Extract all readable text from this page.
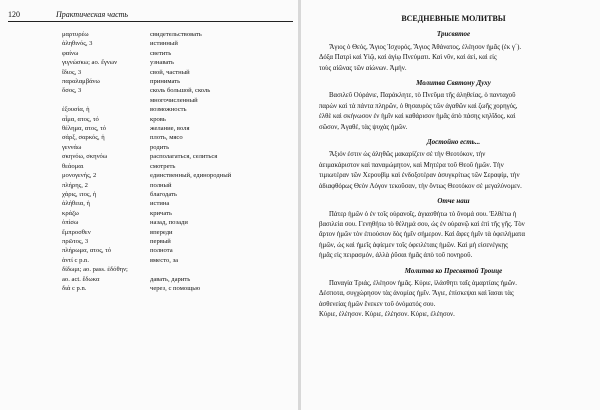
120	Практическая часть
μαρτυρέω	свидетельствовать
ἀληθινός, 3	истинный
φαίνω	светить
γιγνώσκω; ao. ἔγνων	узнавать
ἴδιος, 3	свой, частный
παραλαμβάνω	принимать
ὅσος, 3	сколь большой, сколь
многочисленный
ἐξουσία, ἡ	возможность
αἷμα, ατος, τό	кровь
θέλημα, ατος, τό	желание, воля
σάρξ, σαρκός, ἡ	плоть, мясо
γεννάω	родить
σκηνόω, σκηνόω	располагаться, селиться
θεάομαι	смотреть
μονογενής, 2	единственный, единородный
πλήρης, 2	полный
χάρις, ιτος, ἡ	благодать
ἀλήθεια, ἡ	истина
κράζω	кричать
ὀπίσω	назад, позади
ἔμπροσθεν	впереди
πρῶτος, 3	первый
πλήρωμα, ατος, τό	полнота
ἀντί c p.n.	вместо, за
δίδωμι; ao. pass. ἐδόθην;
ao. act. ἔδωκα	давать, дарить
διά c p.n.	через, с помощью
ВСЕДНЕВНЫЕ МОЛИТВЫ
Трисвятое
Ἅγιος ὁ Θεός, Ἅγιος Ἰσχυρός, Ἅγιος Ἀθάνατος, ἐλέησον ἡμᾶς (ἐκ γ΄).
Δόξα Πατρὶ καὶ Υἱῷ, καὶ ἁγίῳ Πνεύματι. Καὶ νῦν, καὶ ἀεί, καὶ εἰς
τοὺς αἰῶνας τῶν αἰώνων. Ἀμήν.
Молитва Святому Духу
Βασιλεῦ Οὐράνιε, Παράκλητε, τὸ Πνεῦμα τῆς ἀληθείας, ὁ πανταχοῦ
παρὼν καὶ τὰ πάντα πληρῶν, ὁ θησαυρὸς τῶν ἀγαθῶν καὶ ζωῆς χορηγός,
ἐλθὲ καὶ σκήνωσον ἐν ἡμῖν καὶ καθάρισον ἡμᾶς ἀπὸ πάσης κηλῖδος, καὶ
σῶσον, Ἀγαθέ, τὰς ψυχὰς ἡμῶν.
Достойно есть...
Ἄξιόν ἐστιν ὡς ἀληθῶς μακαρίζειν σὲ τὴν Θεοτόκον, τὴν
ἀειμακάριστον καὶ παναμώμητον, καὶ Μητέρα τοῦ Θεοῦ ἡμῶν. Τὴν
τιμιωτέραν τῶν Χερουβὶμ καὶ ἐνδοξοτέραν ἀσυγκρίτως τῶν Σεραφίμ, τὴν
ἀδιαφθόρως Θεὸν Λόγον τεκοῦσαν, τὴν ὄντως Θεοτόκον σὲ μεγαλύνομεν.
Отче наш
Πάτερ ἡμῶν ὁ ἐν τοῖς οὐρανοῖς, ἁγιασθήτω τὸ ὄνομά σου. Ἐλθέτω ἡ
βασιλεία σου. Γενηθήτω τὸ θέλημά σου, ὡς ἐν οὐρανῷ καὶ ἐπὶ τῆς γῆς. Τὸν
ἄρτον ἡμῶν τὸν ἐπιούσιον δὸς ἡμῖν σήμερον. Καὶ ἄφες ἡμῖν τὰ ὀφειλήματα
ἡμῶν, ὡς καὶ ἡμεῖς ἀφίεμεν τοῖς ὀφειλέταις ἡμῶν. Καὶ μὴ εἰσενέγκῃς
ἡμᾶς εἰς πειρασμόν, ἀλλὰ ῥῦσαι ἡμᾶς ἀπὸ τοῦ πονηροῦ.
Молитва ко Пресвятой Троице
Παναγία Τριάς, ἐλέησον ἡμᾶς. Κύριε, ἱλάσθητι ταῖς ἁμαρτίαις ἡμῶν.
Δέσποτα, συγχώρησον τὰς ἀνομίας ἡμῖν. Ἅγιε, ἐπίσκεψαι καὶ ἴασαι τὰς
ἀσθενείας ἡμῶν ἕνεκεν τοῦ ὀνόματός σου.
Κύριε, ἐλέησον. Κύριε, ἐλέησον. Κύριε, ἐλέησον.
